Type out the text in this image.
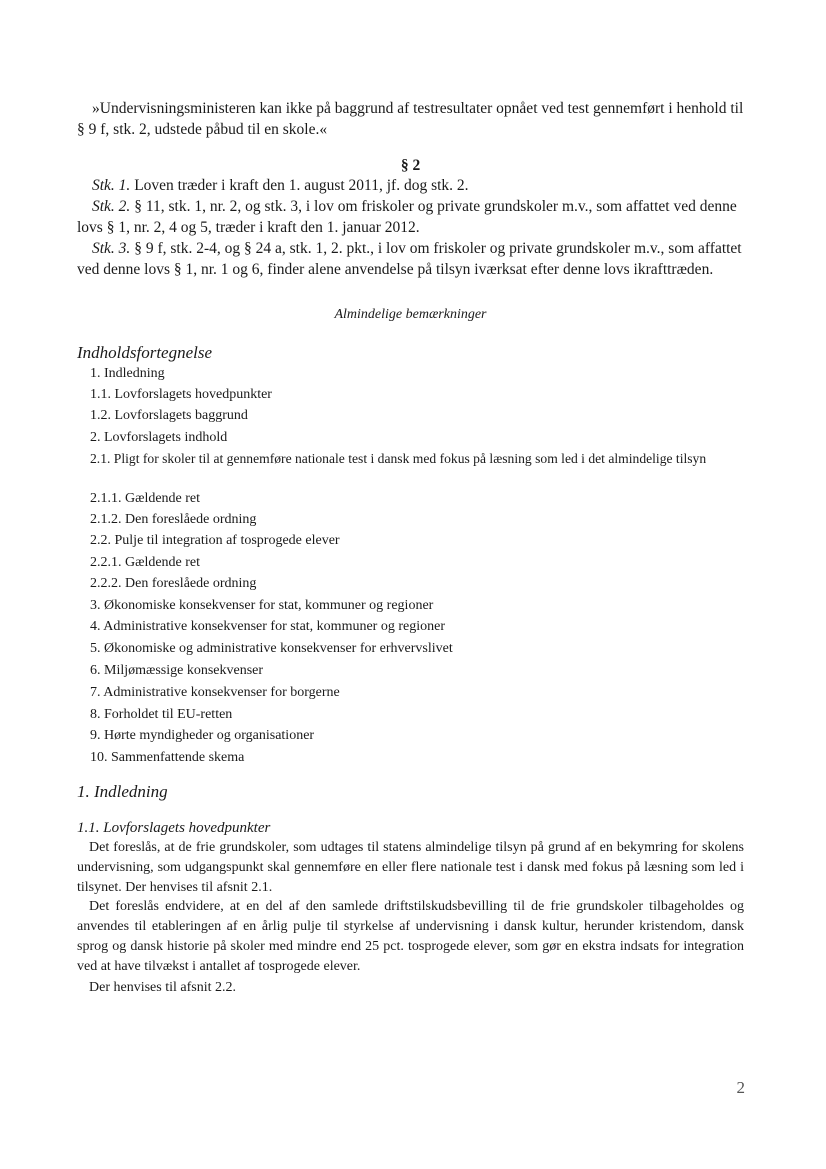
»Undervisningsministeren kan ikke på baggrund af testresultater opnået ved test gennemført i henhold til § 9 f, stk. 2, udstede påbud til en skole.«

§ 2

Stk. 1. Loven træder i kraft den 1. august 2011, jf. dog stk. 2.

Stk. 2. § 11, stk. 1, nr. 2, og stk. 3, i lov om friskoler og private grundskoler m.v., som affattet ved denne lovs § 1, nr. 2, 4 og 5, træder i kraft den 1. januar 2012.

Stk. 3. § 9 f, stk. 2-4, og § 24 a, stk. 1, 2. pkt., i lov om friskoler og private grundskoler m.v., som affattet ved denne lovs § 1, nr. 1 og 6, finder alene anvendelse på tilsyn iværksat efter denne lovs ikrafttræden.

Almindelige bemærkninger
Indholdsfortegnelse
1. Indledning
1.1. Lovforslagets hovedpunkter
1.2. Lovforslagets baggrund
2. Lovforslagets indhold
2.1. Pligt for skoler til at gennemføre nationale test i dansk med fokus på læsning som led i det almindelige tilsyn
2.1.1. Gældende ret
2.1.2. Den foreslåede ordning
2.2. Pulje til integration af tosprogede elever
2.2.1. Gældende ret
2.2.2. Den foreslåede ordning
3. Økonomiske konsekvenser for stat, kommuner og regioner
4. Administrative konsekvenser for stat, kommuner og regioner
5. Økonomiske og administrative konsekvenser for erhvervslivet
6. Miljømæssige konsekvenser
7. Administrative konsekvenser for borgerne
8. Forholdet til EU-retten
9. Hørte myndigheder og organisationer
10. Sammenfattende skema
1. Indledning
1.1. Lovforslagets hovedpunkter

Det foreslås, at de frie grundskoler, som udtages til statens almindelige tilsyn på grund af en bekymring for skolens undervisning, som udgangspunkt skal gennemføre en eller flere nationale test i dansk med fokus på læsning som led i tilsynet. Der henvises til afsnit 2.1.

Det foreslås endvidere, at en del af den samlede driftstilskudsbevilling til de frie grundskoler tilbageholdes og anvendes til etableringen af en årlig pulje til styrkelse af undervisning i dansk kultur, herunder kristendom, dansk sprog og dansk historie på skoler med mindre end 25 pct. tosprogede elever, som gør en ekstra indsats for integration ved at have tilvækst i antallet af tosprogede elever.

Der henvises til afsnit 2.2.

2
